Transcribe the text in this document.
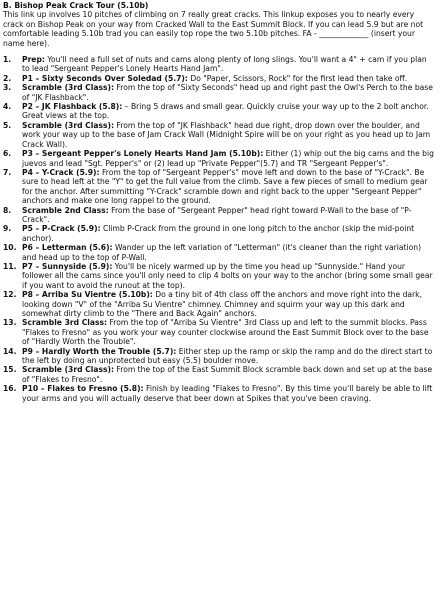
B. Bishop Peak Crack Tour (5.10b)
This link up involves 10 pitches of climbing on 7 really great cracks. This linkup exposes you to nearly every crack on Bishop Peak on your way from Cracked Wall to the East Summit Block. If you can lead 5.9 but are not comfortable leading 5.10b trad you can easily top rope the two 5.10b pitches. FA - _____________ (insert your name here).
1.	Prep: You'll need a full set of nuts and cams along plenty of long slings. You'll want a 4" + cam if you plan to lead "Sergeant Pepper's Lonely Hearts Hand Jam".
2.	P1 – Sixty Seconds Over Soledad (5.7): Do "Paper, Scissors, Rock" for the first lead then take off.
3.	Scramble (3rd Class): From the top of "Sixty Seconds" head up and right past the Owl's Perch to the base of "JK Flashback".
4.	P2 – JK Flashback (5.8): – Bring 5 draws and small gear. Quickly cruise your way up to the 2 bolt anchor. Great views at the top.
5.	Scramble (3rd Class): From the top of "JK Flashback" head due right, drop down over the boulder, and work your way up to the base of Jam Crack Wall (Midnight Spire will be on your right as you head up to Jam Crack Wall).
6.	P3 – Sergeant Pepper's Lonely Hearts Hand Jam (5.10b): Either (1) whip out the big cams and the big juevos and lead "Sgt. Pepper's" or (2) lead up "Private Pepper"(5.7) and TR "Sergeant Pepper's".
7.	P4 – Y-Crack (5.9): From the top of "Sergeant Pepper's" move left and down to the base of "Y-Crack". Be sure to head left at the "Y" to get the full value from the climb. Save a few pieces of small to medium gear for the anchor. After summitting "Y-Crack" scramble down and right back to the upper "Sergeant Pepper" anchors and make one long rappel to the ground.
8.	Scramble 2nd Class: From the base of "Sergeant Pepper" head right toward P-Wall to the base of "P-Crack".
9.	P5 – P-Crack (5.9): Climb P-Crack from the ground in one long pitch to the anchor (skip the mid-point anchor).
10. P6 – Letterman (5.6): Wander up the left variation of "Letterman" (it's cleaner than the right variation) and head up to the top of P-Wall.
11. P7 – Sunnyside (5.9): You'll be nicely warmed up by the time you head up "Sunnyside." Hand your follower all the cams since you'll only need to clip 4 bolts on your way to the anchor (bring some small gear if you want to avoid the runout at the top).
12. P8 – Arriba Su Vientre (5.10b): Do a tiny bit of 4th class off the anchors and move right into the dark, looking down "V" of the "Arriba Su Vientre" chimney. Chimney and squirm your way up this dark and somewhat dirty climb to the "There and Back Again" anchors.
13. Scramble 3rd Class: From the top of "Arriba Su Vientre" 3rd Class up and left to the summit blocks. Pass "Flakes to Fresno" as you work your way counter clockwise around the East Summit Block over to the base of "Hardly Worth the Trouble".
14. P9 – Hardly Worth the Trouble (5.7): Either step up the ramp or skip the ramp and do the direct start to the left by doing an unprotected but easy (5.5) boulder move.
15. Scramble (3rd Class): From the top of the East Summit Block scramble back down and set up at the base of "Flakes to Fresno".
16. P10 – Flakes to Fresno (5.8): Finish by leading "Flakes to Fresno". By this time you'll barely be able to lift your arms and you will actually deserve that beer down at Spikes that you've been craving.
